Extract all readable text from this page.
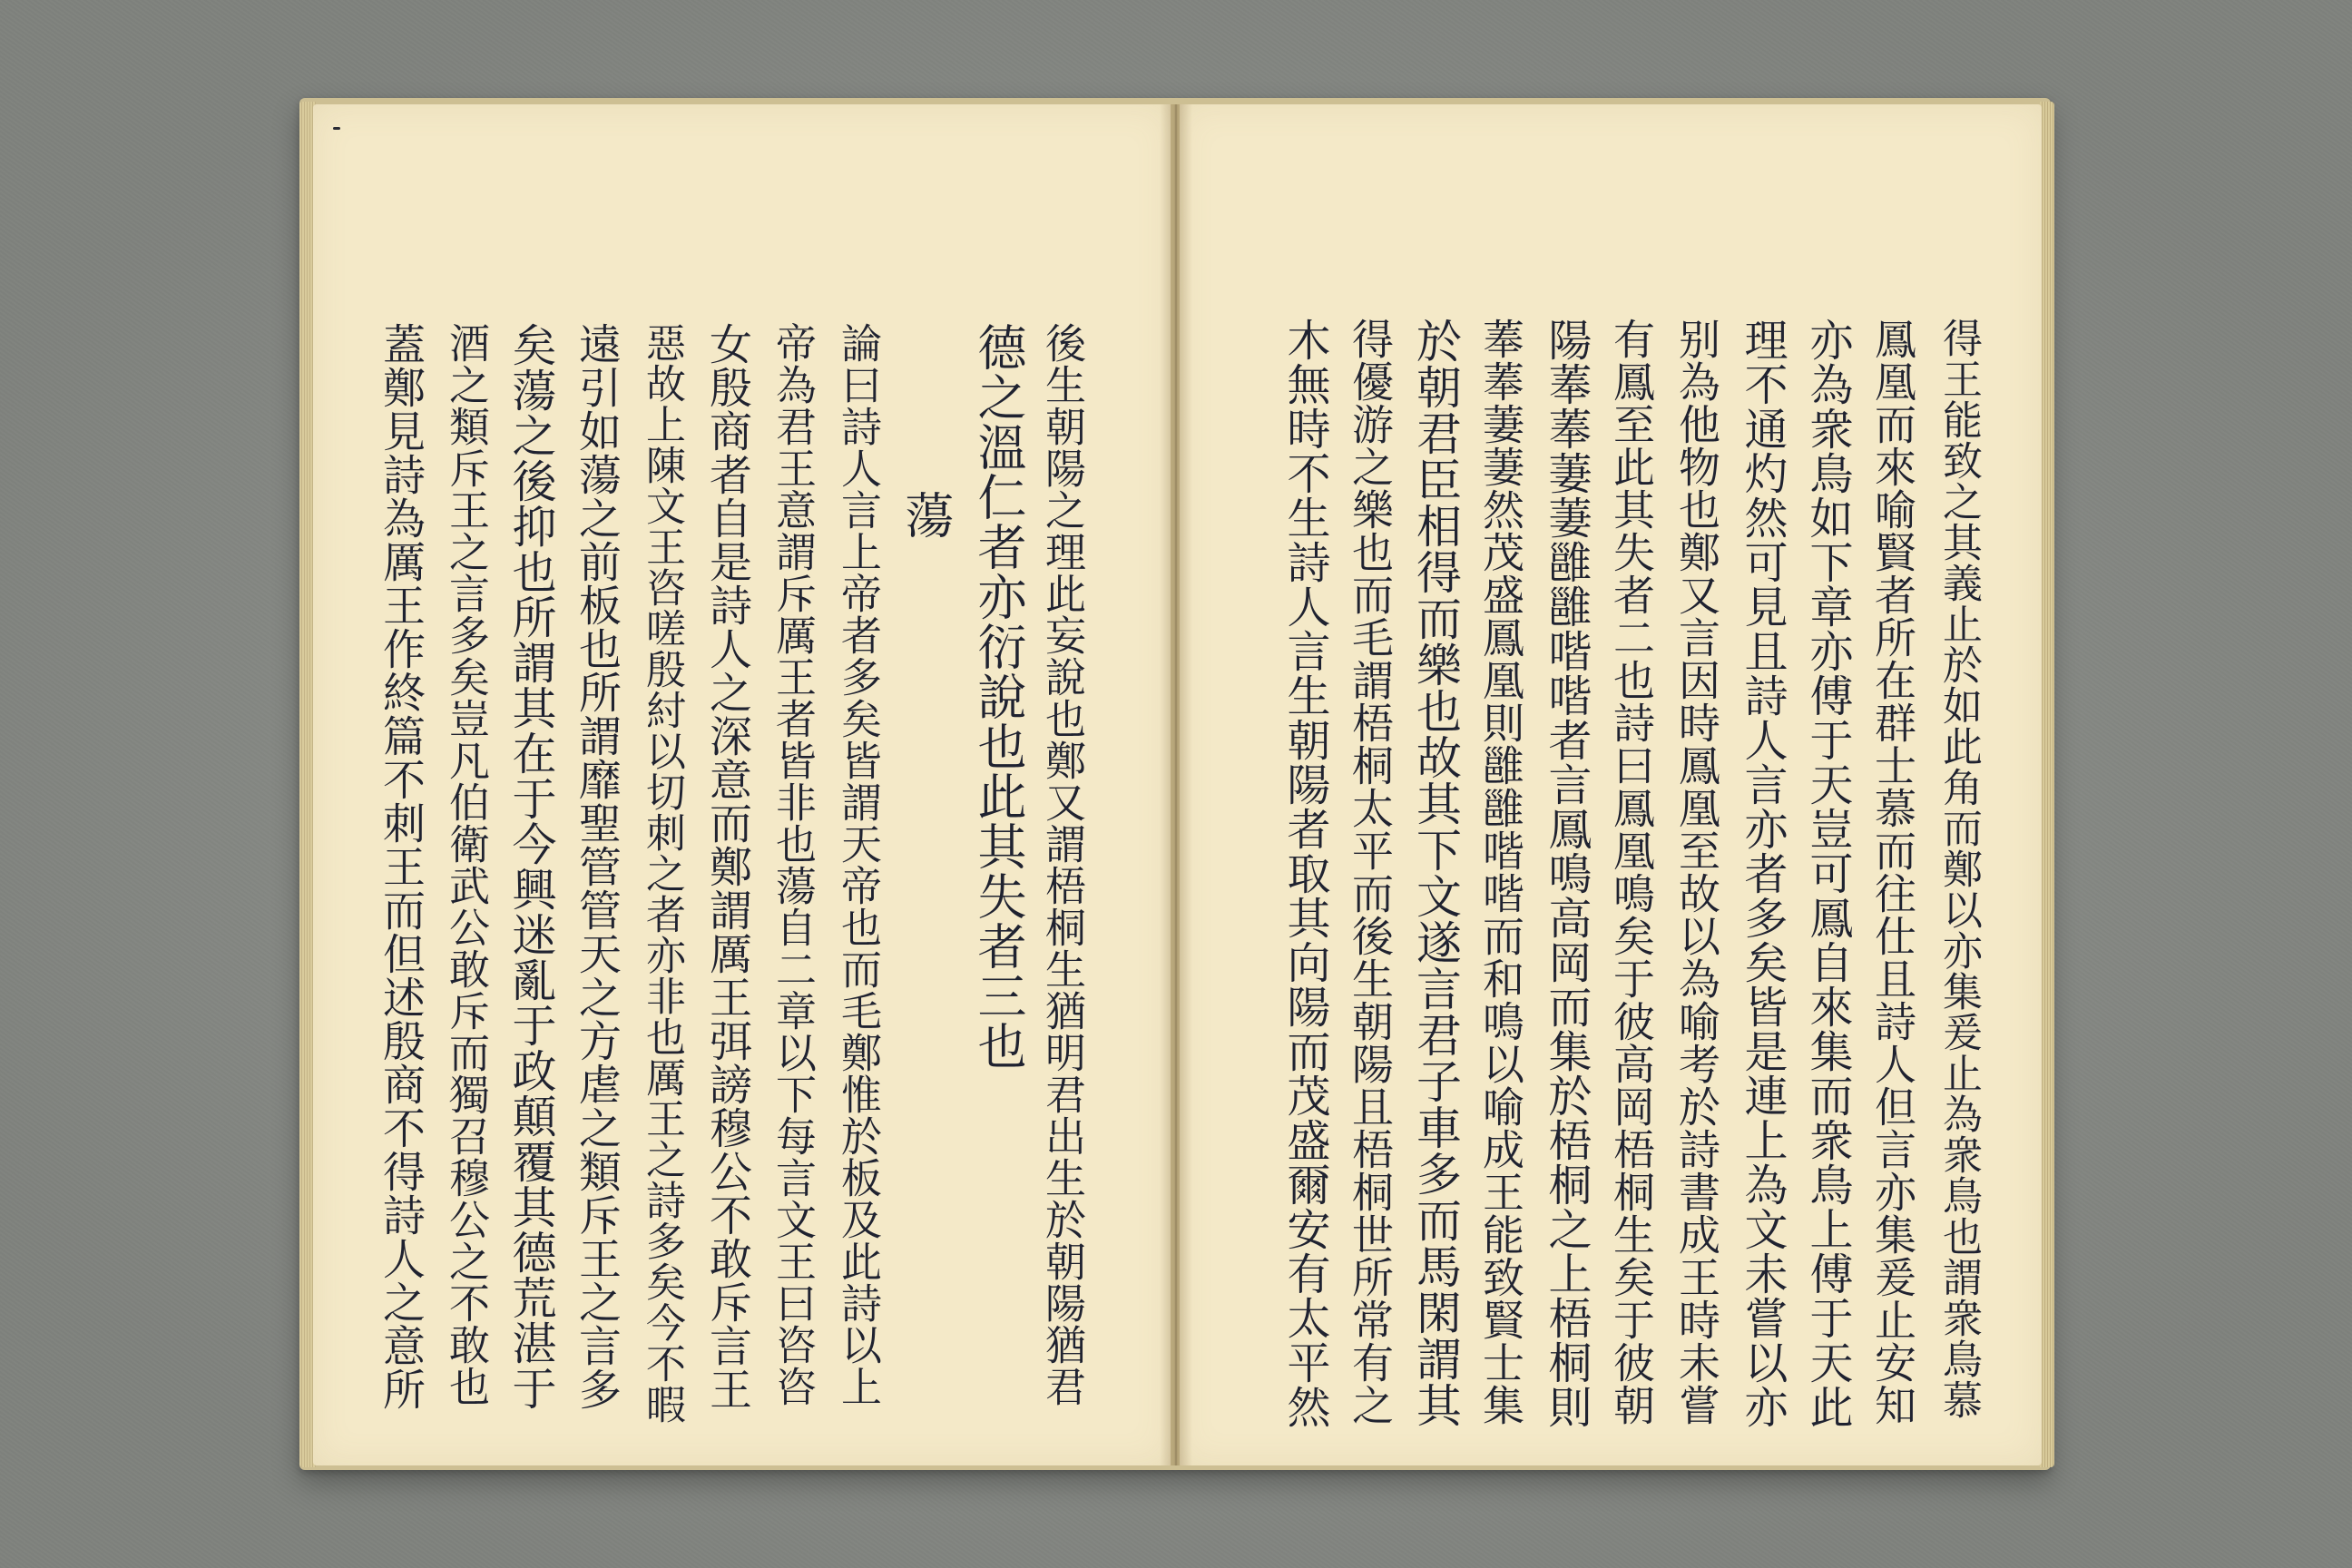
後生朝陽之理此妄說也鄭又謂梧桐生猶明君出生於朝陽猶君
德之溫仁者亦衍說也此其失者三也
蕩
論曰詩人言上帝者多矣皆謂天帝也而毛鄭惟於板及此詩以上
帝為君王意謂斥厲王者皆非也蕩自二章以下每言文王曰咨咨
女殷商者自是詩人之深意而鄭謂厲王弭謗穆公不敢斥言王
惡故上陳文王咨嗟殷紂以切刺之者亦非也厲王之詩多矣今不暇
遠引如蕩之前板也所謂靡聖管管天之方虐之類斥王之言多
矣蕩之後抑也所謂其在于今興迷亂于政顛覆其德荒湛于
酒之類斥王之言多矣豈凡伯衛武公敢斥而獨召穆公之不敢也
蓋鄭見詩為厲王作終篇不刺王而但述殷商不得詩人之意所	得王能致之其義止於如此角而鄭以亦集爰止為衆鳥也謂衆鳥慕
鳳凰而來喻賢者所在群士慕而往仕且詩人但言亦集爰止安知
亦為衆鳥如下章亦傅于天豈可鳳自來集而衆鳥上傅于天此
理不通灼然可見且詩人言亦者多矣皆是連上為文未嘗以亦
别為他物也鄭又言因時鳳凰至故以為喻考於詩書成王時未嘗
有鳳至此其失者二也詩曰鳳凰鳴矣于彼高岡梧桐生矣于彼朝
陽菶菶萋萋雝雝喈喈者言鳳鳴高岡而集於梧桐之上梧桐則
菶菶萋萋然茂盛鳳凰則雝雝喈喈而和鳴以喻成王能致賢士集
於朝君臣相得而樂也故其下文遂言君子車多而馬閑謂其
得優游之樂也而毛謂梧桐太平而後生朝陽且梧桐世所常有之
木無時不生詩人言生朝陽者取其向陽而茂盛爾安有太平然
